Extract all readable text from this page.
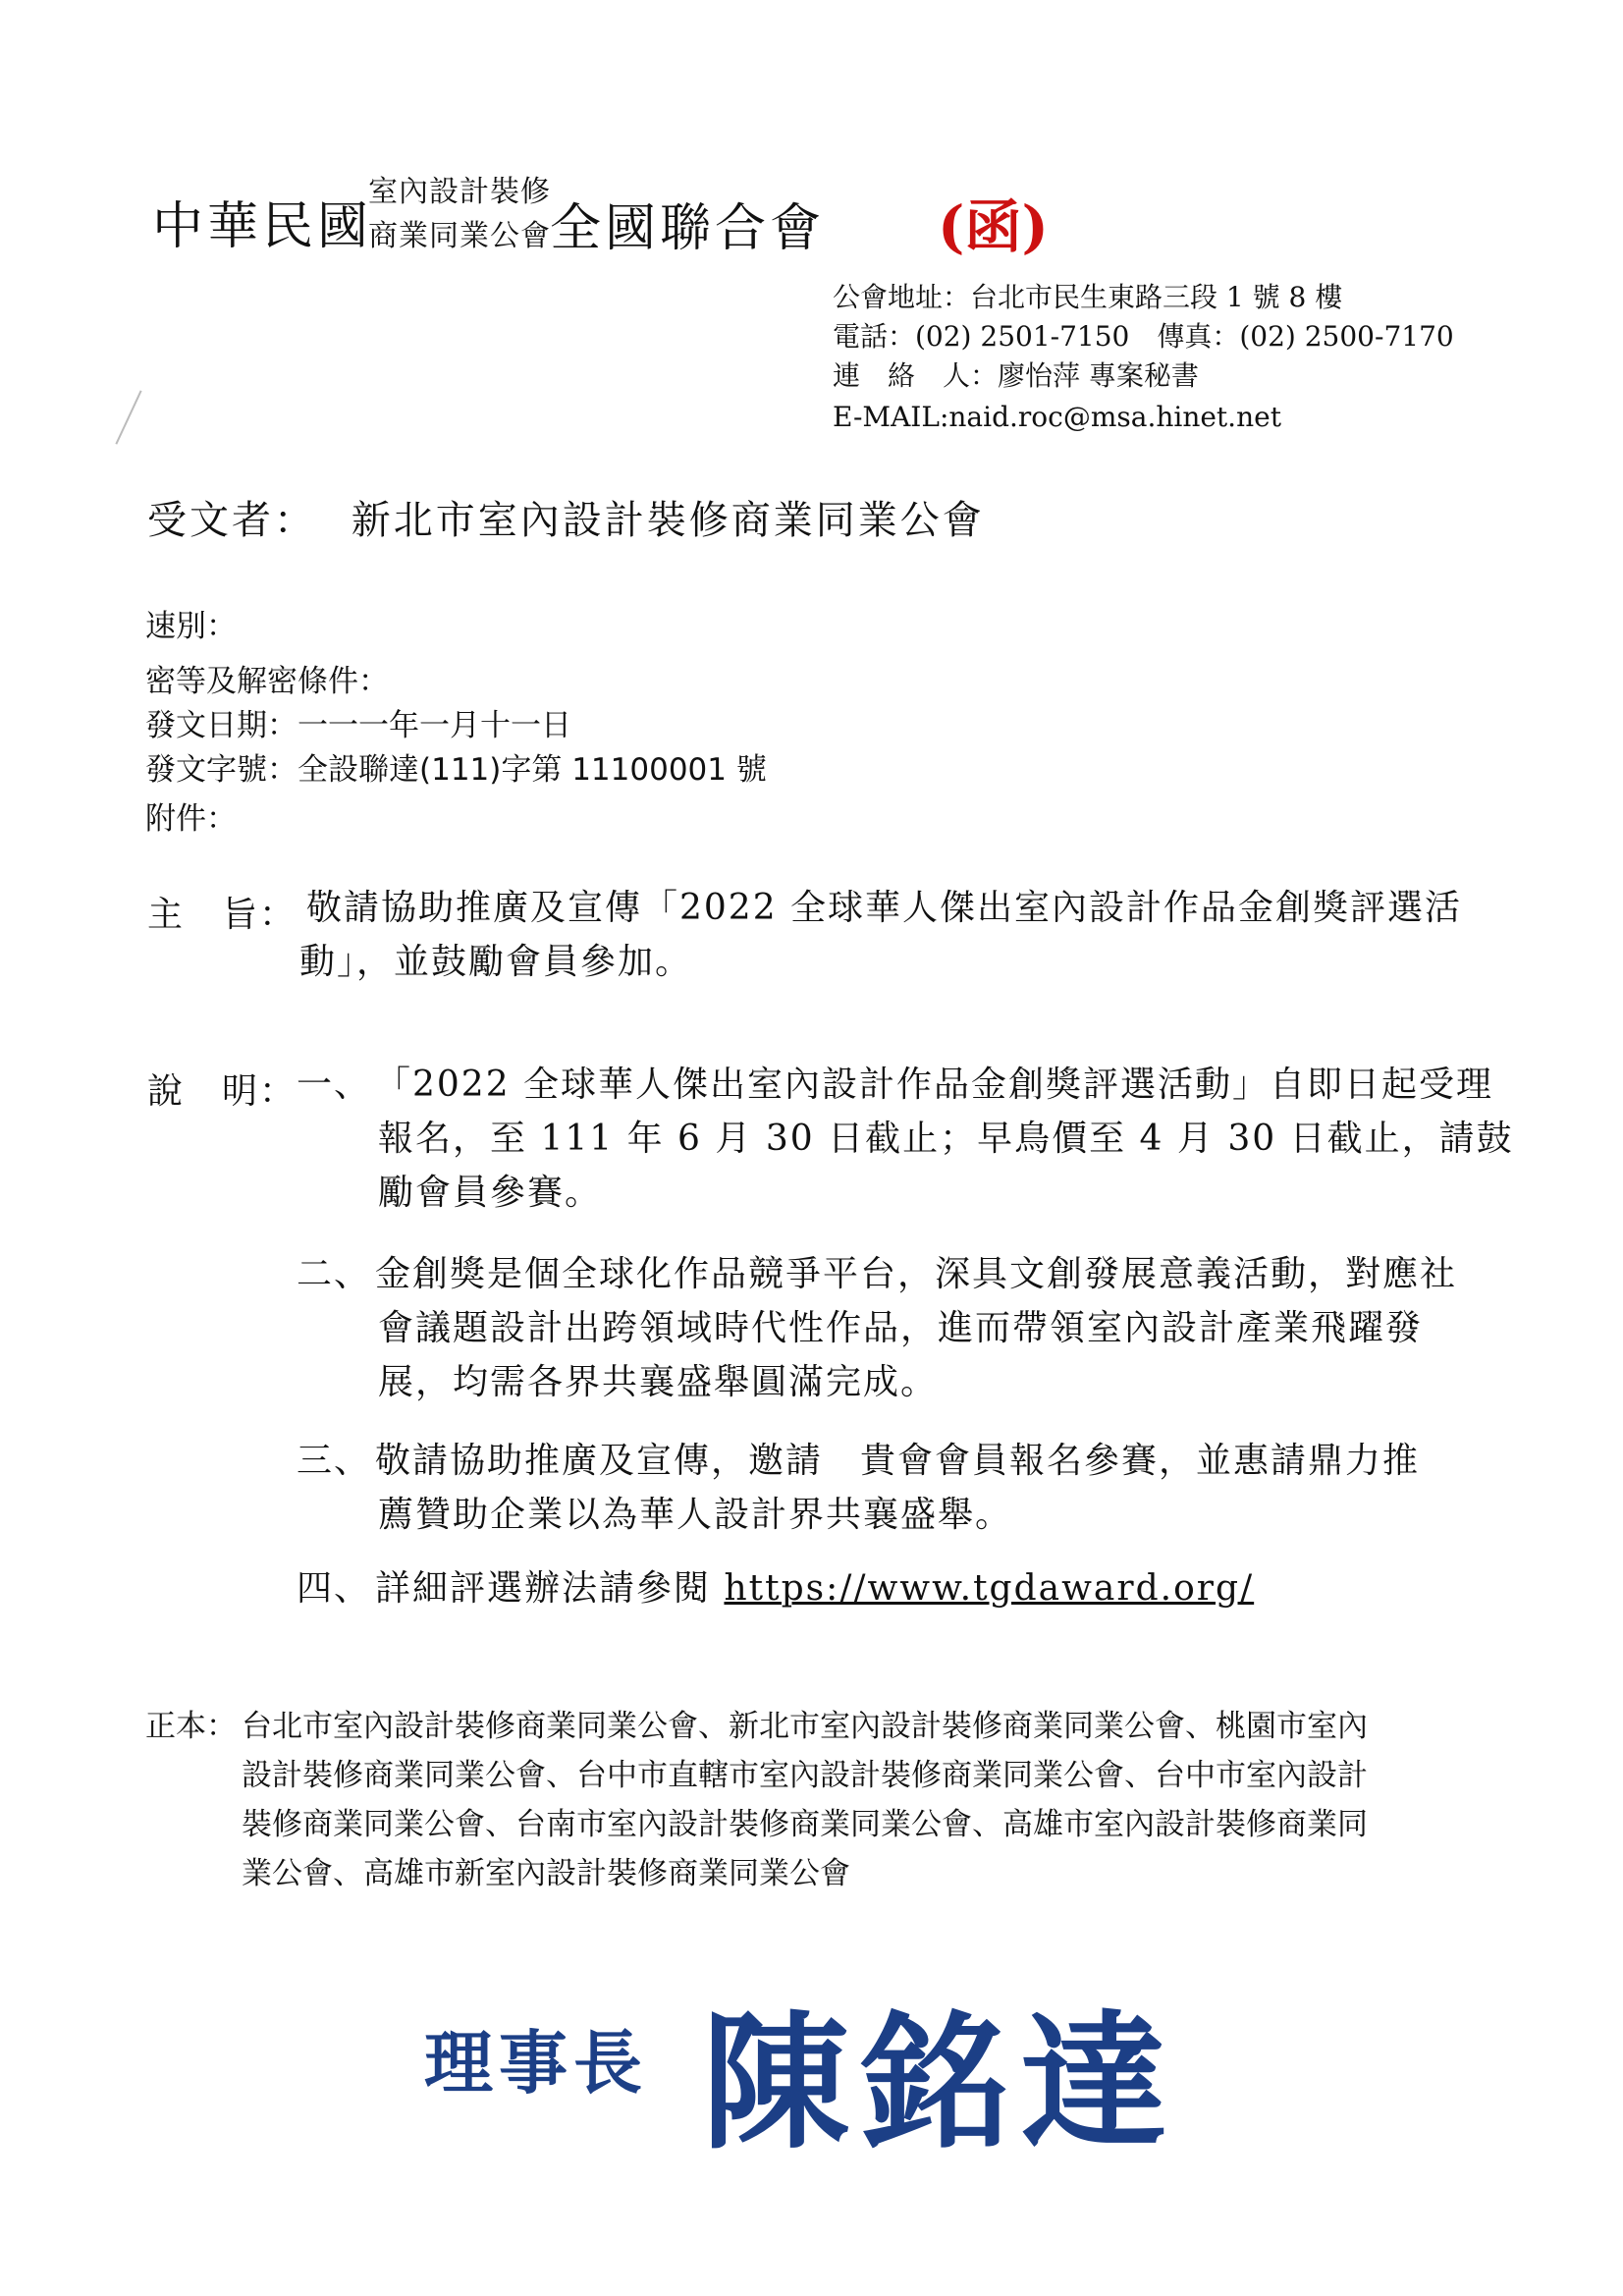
中華民國
室內設計裝修
商業同業公會 全國聯合會 (函)
公會地址：台北市民生東路三段 1 號 8 樓
電話：(02) 2501-7150　傳真：(02) 2500-7170
連　絡　人：廖怡萍 專案秘書
E-MAIL:naid.roc@msa.hinet.net
受文者： 新北市室內設計裝修商業同業公會
速別：
密等及解密條件：
發文日期：一一一年一月十一日
發文字號：全設聯達(111)字第 11100001 號
附件：
主　旨： 敬請協助推廣及宣傳「2022 全球華人傑出室內設計作品金創獎評選活
動」，並鼓勵會員參加。
說　明： 一、 「2022 全球華人傑出室內設計作品金創獎評選活動」自即日起受理
報名，至 111 年 6 月 30 日截止；早鳥價至 4 月 30 日截止，請鼓
勵會員參賽。
二、 金創獎是個全球化作品競爭平台，深具文創發展意義活動，對應社
會議題設計出跨領域時代性作品，進而帶領室內設計產業飛躍發
展，均需各界共襄盛舉圓滿完成。
三、 敬請協助推廣及宣傳，邀請　貴會會員報名參賽，並惠請鼎力推
薦贊助企業以為華人設計界共襄盛舉。
四、 詳細評選辦法請參閱 https://www.tgdaward.org/
正本： 台北市室內設計裝修商業同業公會、新北市室內設計裝修商業同業公會、桃園市室內
設計裝修商業同業公會、台中市直轄市室內設計裝修商業同業公會、台中市室內設計
裝修商業同業公會、台南市室內設計裝修商業同業公會、高雄市室內設計裝修商業同
業公會、高雄市新室內設計裝修商業同業公會
理事長 陳銘達
